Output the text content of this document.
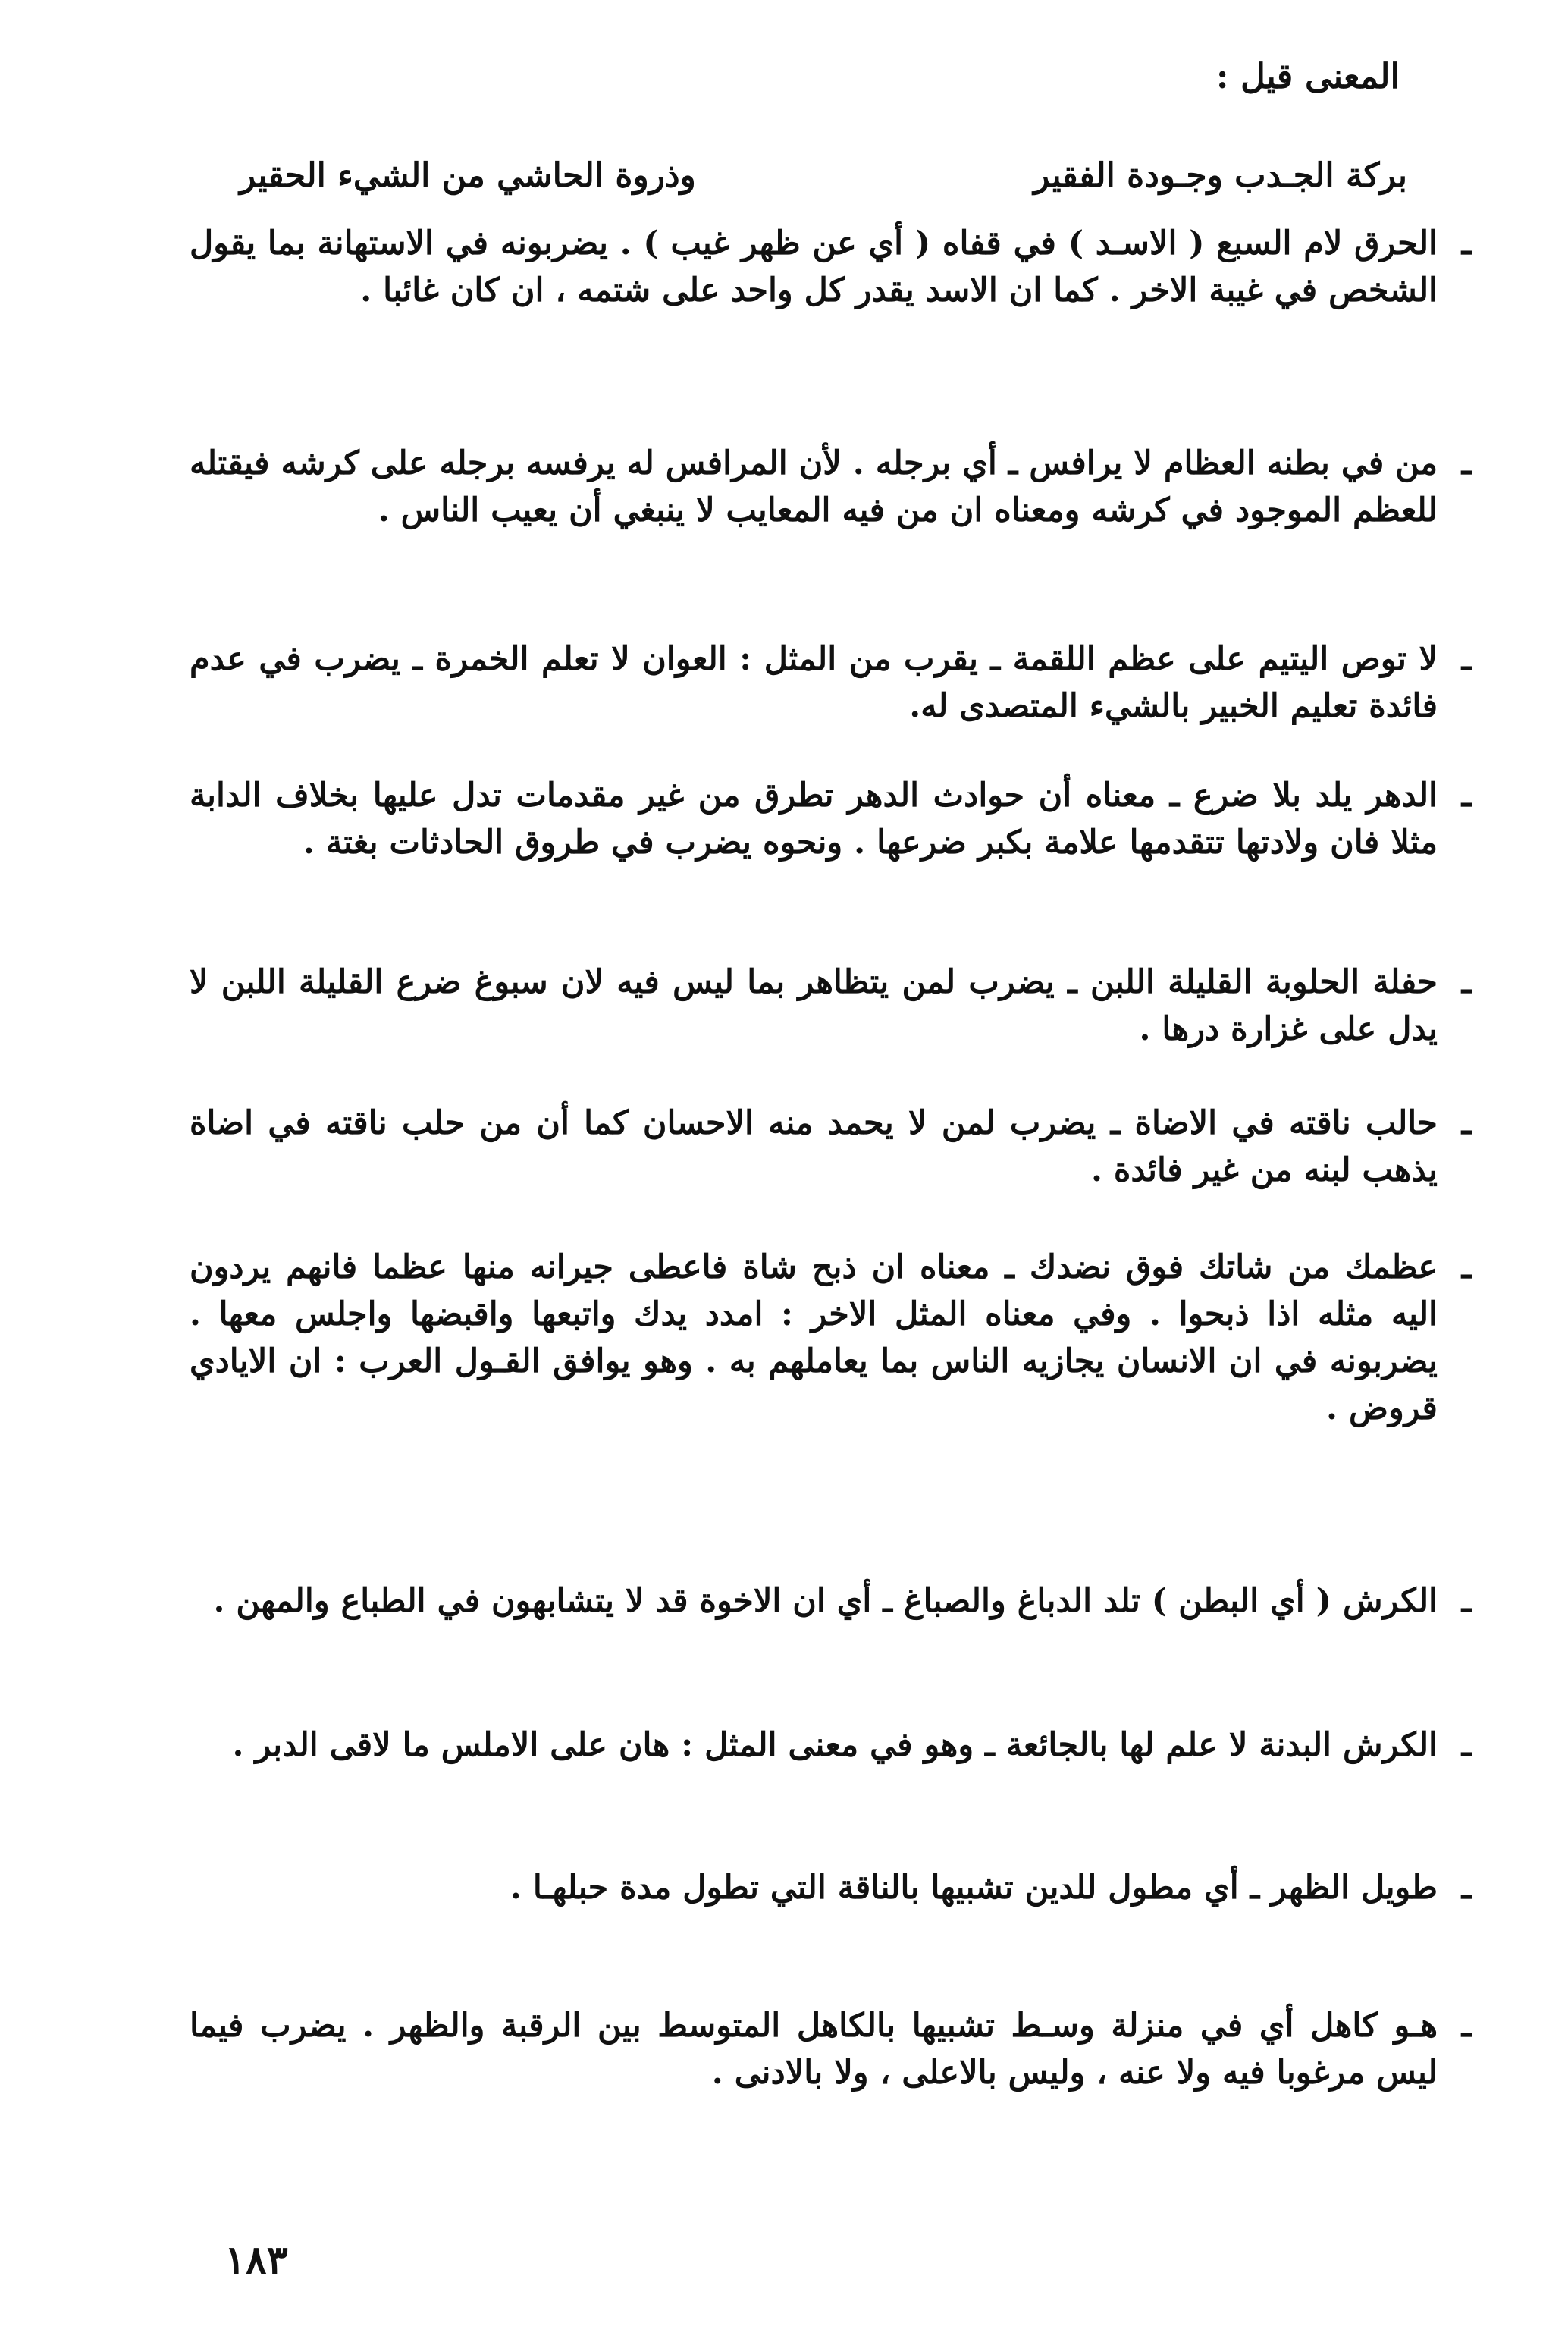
المعنى قيل :
بركة الجـدب وجـودة الفقير
وذروة الحاشي من الشيء الحقير
ـ
الحرق لام السبع ( الاسـد ) في قفاه ( أي عن ظهر غيب ) . يضربونه في الاستهانة بما يقول الشخص في غيبة الاخر . كما ان الاسد يقدر كل واحد على شتمه ، ان كان غائبا .
ـ
من في بطنه العظام لا يرافس ـ أي برجله . لأن المرافس له يرفسه برجله على كرشه فيقتله للعظم الموجود في كرشه ومعناه ان من فيه المعايب لا ينبغي أن يعيب الناس .
ـ
لا توص اليتيم على عظم اللقمة ـ يقرب من المثل : العوان لا تعلم الخمرة ـ يضرب في عدم فائدة تعليم الخبير بالشيء المتصدى له.
ـ
الدهر يلد بلا ضرع ـ معناه أن حوادث الدهر تطرق من غير مقدمات تدل عليها بخلاف الدابة مثلا فان ولادتها تتقدمها علامة بكبر ضرعها . ونحوه يضرب في طروق الحادثات بغتة .
ـ
حفلة الحلوبة القليلة اللبن ـ يضرب لمن يتظاهر بما ليس فيه لان سبوغ ضرع القليلة اللبن لا يدل على غزارة درها .
ـ
حالب ناقته في الاضاة ـ يضرب لمن لا يحمد منه الاحسان كما أن من حلب ناقته في اضاة يذهب لبنه من غير فائدة .
ـ
عظمك من شاتك فوق نضدك ـ معناه ان ذبح شاة فاعطى جيرانه منها عظما فانهم يردون اليه مثله اذا ذبحوا . وفي معناه المثل الاخر : امدد يدك واتبعها واقبضها واجلس معها . يضربونه في ان الانسان يجازيه الناس بما يعاملهم به . وهو يوافق القـول العرب : ان الايادي قروض .
ـ
الكرش ( أي البطن ) تلد الدباغ والصباغ ـ أي ان الاخوة قد لا يتشابهون في الطباع والمهن .
ـ
الكرش البدنة لا علم لها بالجائعة ـ وهو في معنى المثل : هان على الاملس ما لاقى الدبر .
ـ
طويل الظهر ـ أي مطول للدين تشبيها بالناقة التي تطول مدة حبلهـا .
ـ
هـو كاهل أي في منزلة وسـط تشبيها بالكاهل المتوسط بين الرقبة والظهر . يضرب فيما ليس مرغوبا فيه ولا عنه ، وليس بالاعلى ، ولا بالادنى .
١٨٣
